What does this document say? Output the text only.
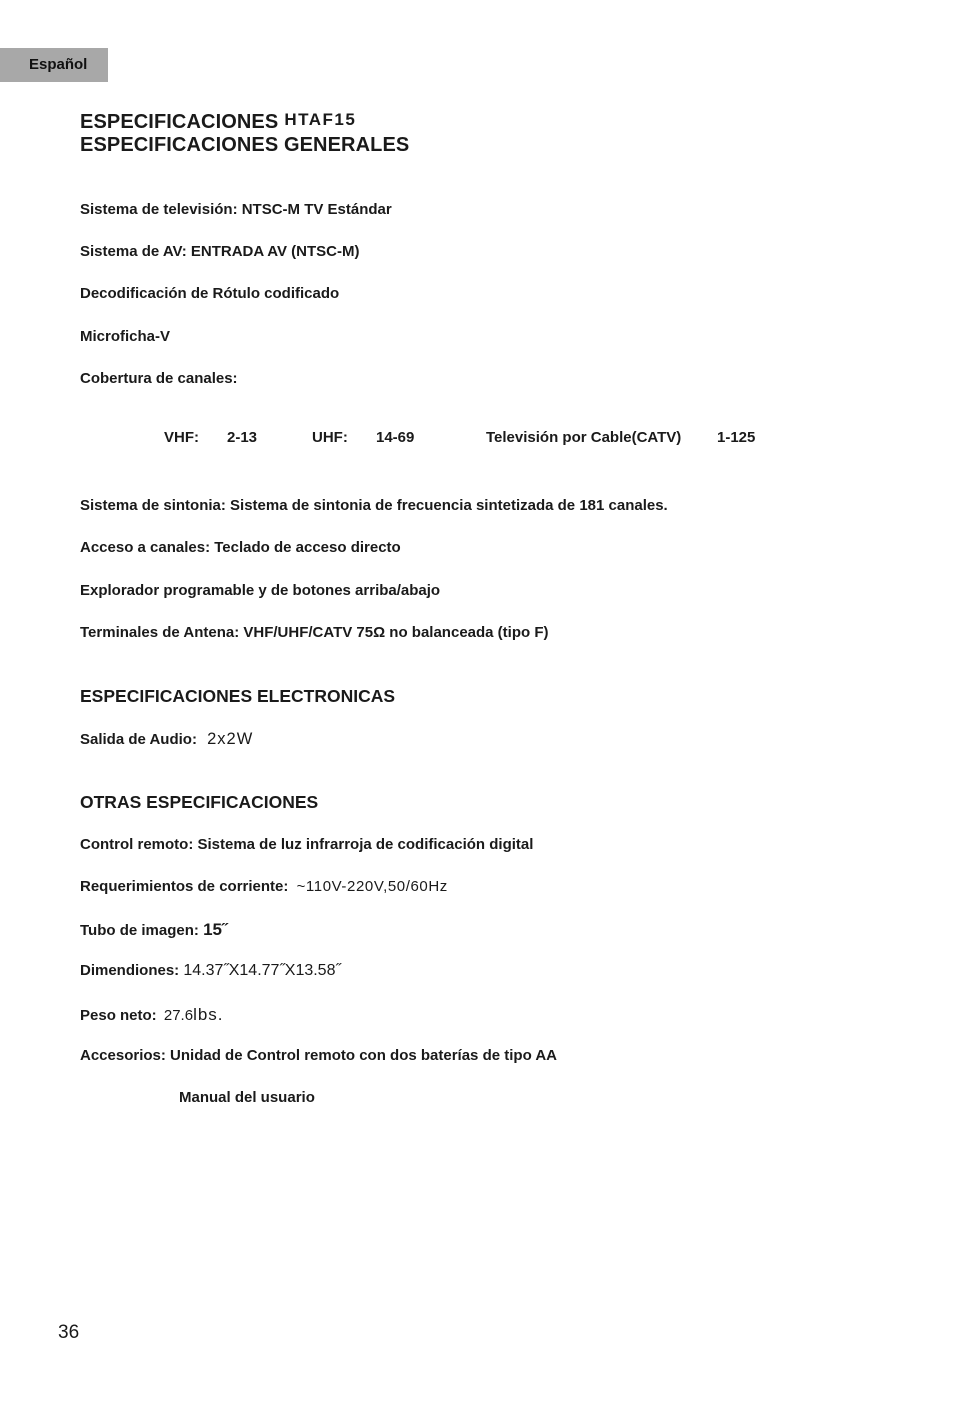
Español
ESPECIFICACIONES HTAF15
ESPECIFICACIONES GENERALES
Sistema de televisión: NTSC-M TV Estándar
Sistema de AV: ENTRADA AV (NTSC-M)
Decodificación de Rótulo codificado
Microficha-V
Cobertura de canales:
VHF: 2-13	UHF: 14-69	Televisión por Cable(CATV) 1-125
Sistema de sintonia: Sistema de sintonia de frecuencia sintetizada de 181 canales.
Acceso a canales: Teclado de acceso directo
Explorador programable y de botones arriba/abajo
Terminales de Antena: VHF/UHF/CATV 75Ω no balanceada (tipo F)
ESPECIFICACIONES ELECTRONICAS
Salida de Audio: 2x2W
OTRAS ESPECIFICACIONES
Control remoto: Sistema de luz infrarroja de codificación digital
Requerimientos de corriente: ~110V-220V,50/60Hz
Tubo de imagen: 15˝
Dimendiones: 14.37˝X14.77˝X13.58˝
Peso neto: 27.6lbs.
Accesorios: Unidad de Control remoto con dos baterías de tipo AA
Manual del usuario
36
